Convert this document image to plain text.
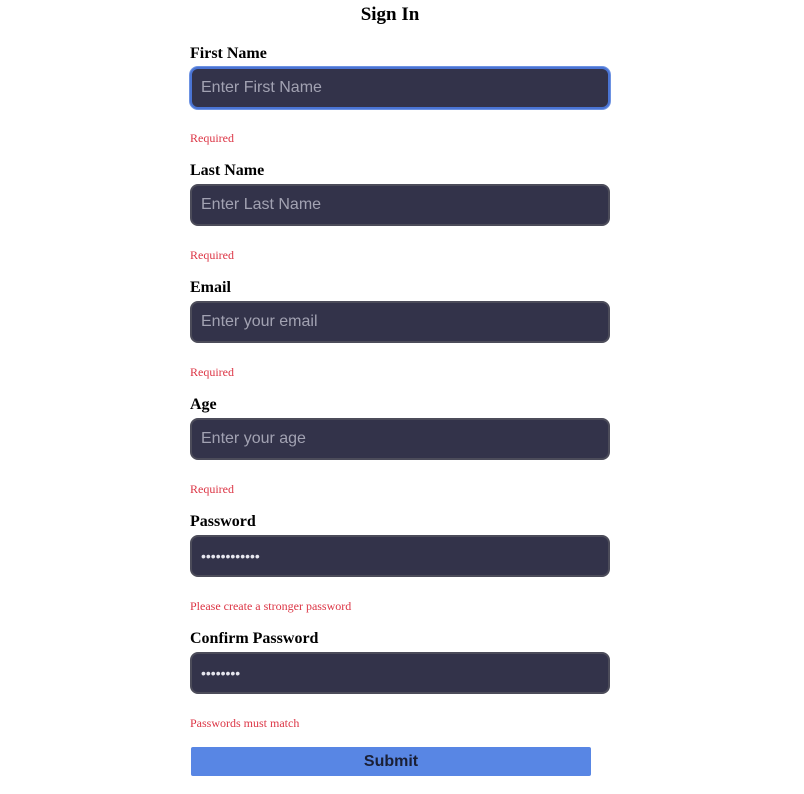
Sign In
First Name
Enter First Name
Required
Last Name
Enter Last Name
Required
Email
Enter your email
Required
Age
Enter your age
Required
Password
••••••••••••
Please create a stronger password
Confirm Password
••••••••
Passwords must match
Submit
